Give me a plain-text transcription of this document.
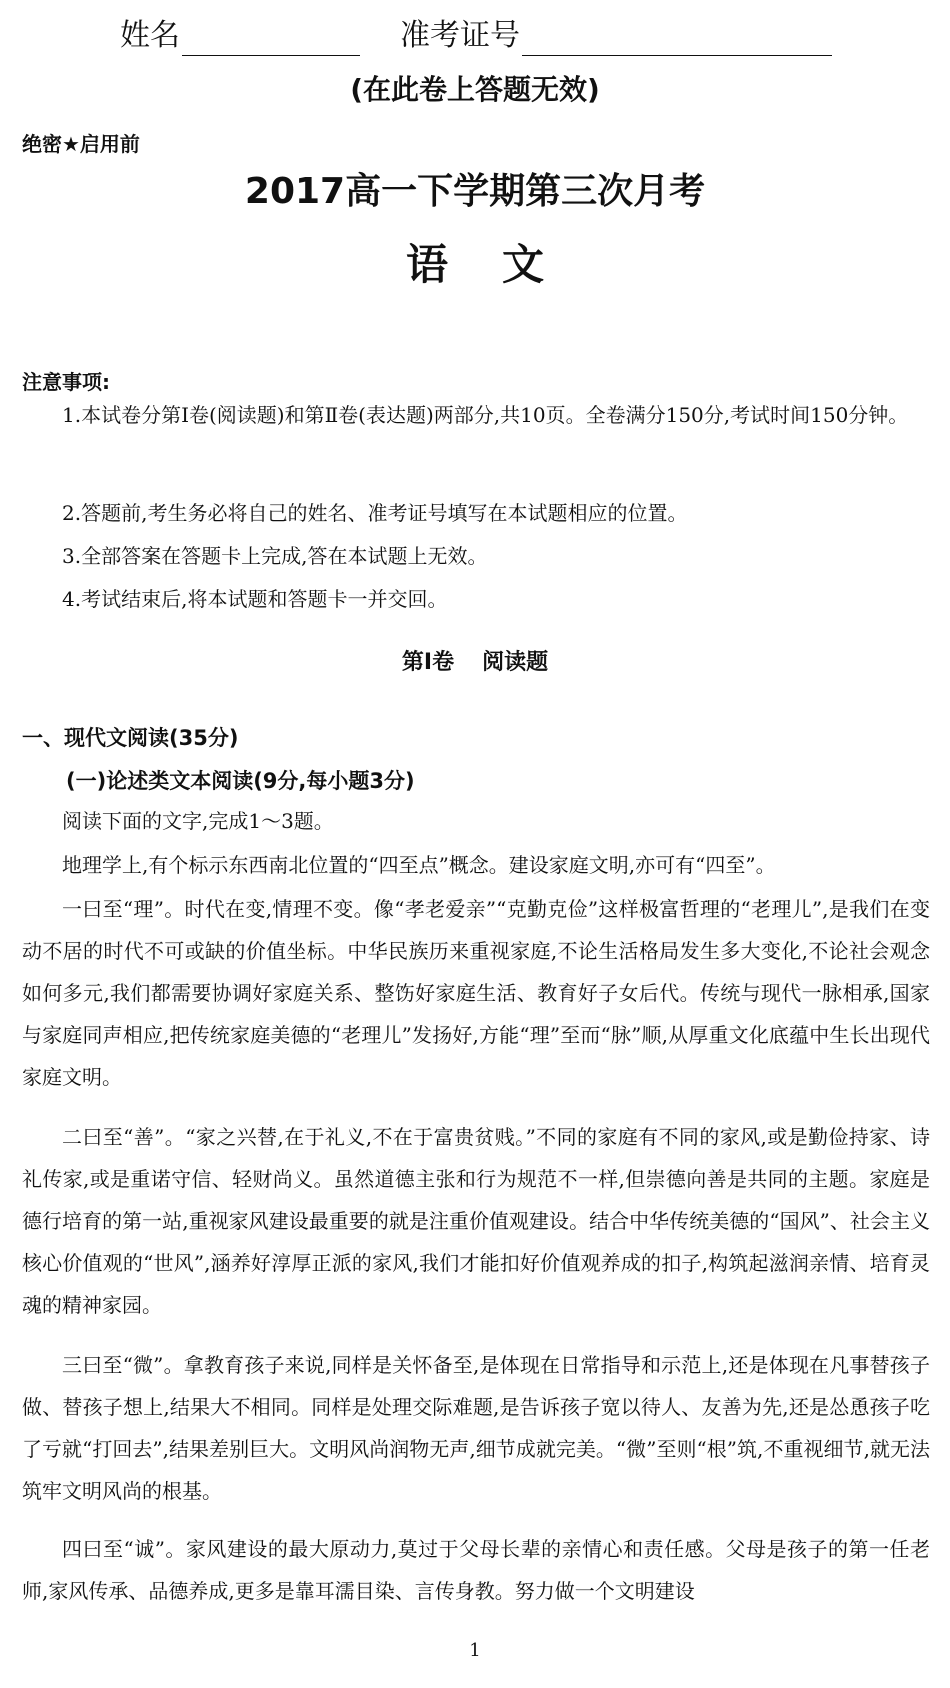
姓名	准考证号
(在此卷上答题无效)
绝密★启用前
2017高一下学期第三次月考
语文
注意事项:
1.本试卷分第Ⅰ卷(阅读题)和第Ⅱ卷(表达题)两部分,共10页。全卷满分150分,考试时间150分钟。
2.答题前,考生务必将自己的姓名、准考证号填写在本试题相应的位置。
3.全部答案在答题卡上完成,答在本试题上无效。
4.考试结束后,将本试题和答题卡一并交回。
第Ⅰ卷 阅读题
一、现代文阅读(35分)
(一)论述类文本阅读(9分,每小题3分)
阅读下面的文字,完成1～3题。
地理学上,有个标示东西南北位置的“四至点”概念。建设家庭文明,亦可有“四至”。
一曰至“理”。时代在变,情理不变。像“孝老爱亲”“克勤克俭”这样极富哲理的“老理儿”,是我们在变动不居的时代不可或缺的价值坐标。中华民族历来重视家庭,不论生活格局发生多大变化,不论社会观念如何多元,我们都需要协调好家庭关系、整饬好家庭生活、教育好子女后代。传统与现代一脉相承,国家与家庭同声相应,把传统家庭美德的“老理儿”发扬好,方能“理”至而“脉”顺,从厚重文化底蕴中生长出现代家庭文明。
二曰至“善”。“家之兴替,在于礼义,不在于富贵贫贱。”不同的家庭有不同的家风,或是勤俭持家、诗礼传家,或是重诺守信、轻财尚义。虽然道德主张和行为规范不一样,但崇德向善是共同的主题。家庭是德行培育的第一站,重视家风建设最重要的就是注重价值观建设。结合中华传统美德的“国风”、社会主义核心价值观的“世风”,涵养好淳厚正派的家风,我们才能扣好价值观养成的扣子,构筑起滋润亲情、培育灵魂的精神家园。
三曰至“微”。拿教育孩子来说,同样是关怀备至,是体现在日常指导和示范上,还是体现在凡事替孩子做、替孩子想上,结果大不相同。同样是处理交际难题,是告诉孩子宽以待人、友善为先,还是怂恿孩子吃了亏就“打回去”,结果差别巨大。文明风尚润物无声,细节成就完美。“微”至则“根”筑,不重视细节,就无法筑牢文明风尚的根基。
四曰至“诚”。家风建设的最大原动力,莫过于父母长辈的亲情心和责任感。父母是孩子的第一任老师,家风传承、品德养成,更多是靠耳濡目染、言传身教。努力做一个文明建设
1
